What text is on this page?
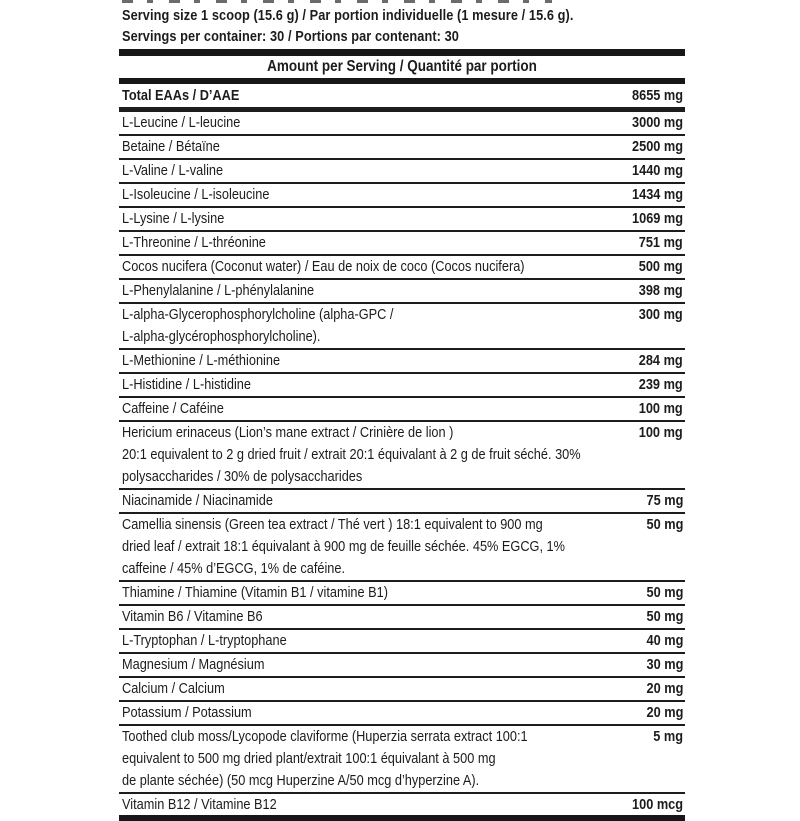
Serving size 1 scoop (15.6 g) / Par portion individuelle (1 mesure / 15.6 g).
Servings per container: 30 / Portions par contenant: 30
Amount per Serving / Quantité par portion
Total EAAs / D’AAE	8655 mg
L-Leucine / L-leucine	3000 mg
Betaine / Bétaïne	2500 mg
L-Valine / L-valine	1440 mg
L-Isoleucine / L-isoleucine	1434 mg
L-Lysine / L-lysine	1069 mg
L-Threonine / L-thréonine	751 mg
Cocos nucifera (Coconut water) / Eau de noix de coco (Cocos nucifera)	500 mg
L-Phenylalanine / L-phénylalanine	398 mg
L-alpha-Glycerophosphorylcholine (alpha-GPC /	300 mg
L-alpha-glycérophosphorylcholine).
L-Methionine / L-méthionine	284 mg
L-Histidine / L-histidine	239 mg
Caffeine / Caféine	100 mg
Hericium erinaceus (Lion’s mane extract / Crinière de lion )	100 mg
20:1 equivalent to 2 g dried fruit / extrait 20:1 équivalant à 2 g de fruit séché. 30%
polysaccharides / 30% de polysaccharides
Niacinamide / Niacinamide	75 mg
Camellia sinensis (Green tea extract / Thé vert ) 18:1 equivalent to 900 mg	50 mg
dried leaf / extrait 18:1 équivalant à 900 mg de feuille séchée. 45% EGCG, 1%
caffeine / 45% d’EGCG, 1% de caféine.
Thiamine / Thiamine (Vitamin B1 / vitamine B1)	50 mg
Vitamin B6 / Vitamine B6	50 mg
L-Tryptophan / L-tryptophane	40 mg
Magnesium / Magnésium	30 mg
Calcium / Calcium	20 mg
Potassium / Potassium	20 mg
Toothed club moss/Lycopode claviforme (Huperzia serrata extract 100:1	5 mg
equivalent to 500 mg dried plant/extrait 100:1 équivalant à 500 mg
de plante séchée) (50 mcg Huperzine A/50 mcg d’hyperzine A).
Vitamin B12 / Vitamine B12	100 mcg
